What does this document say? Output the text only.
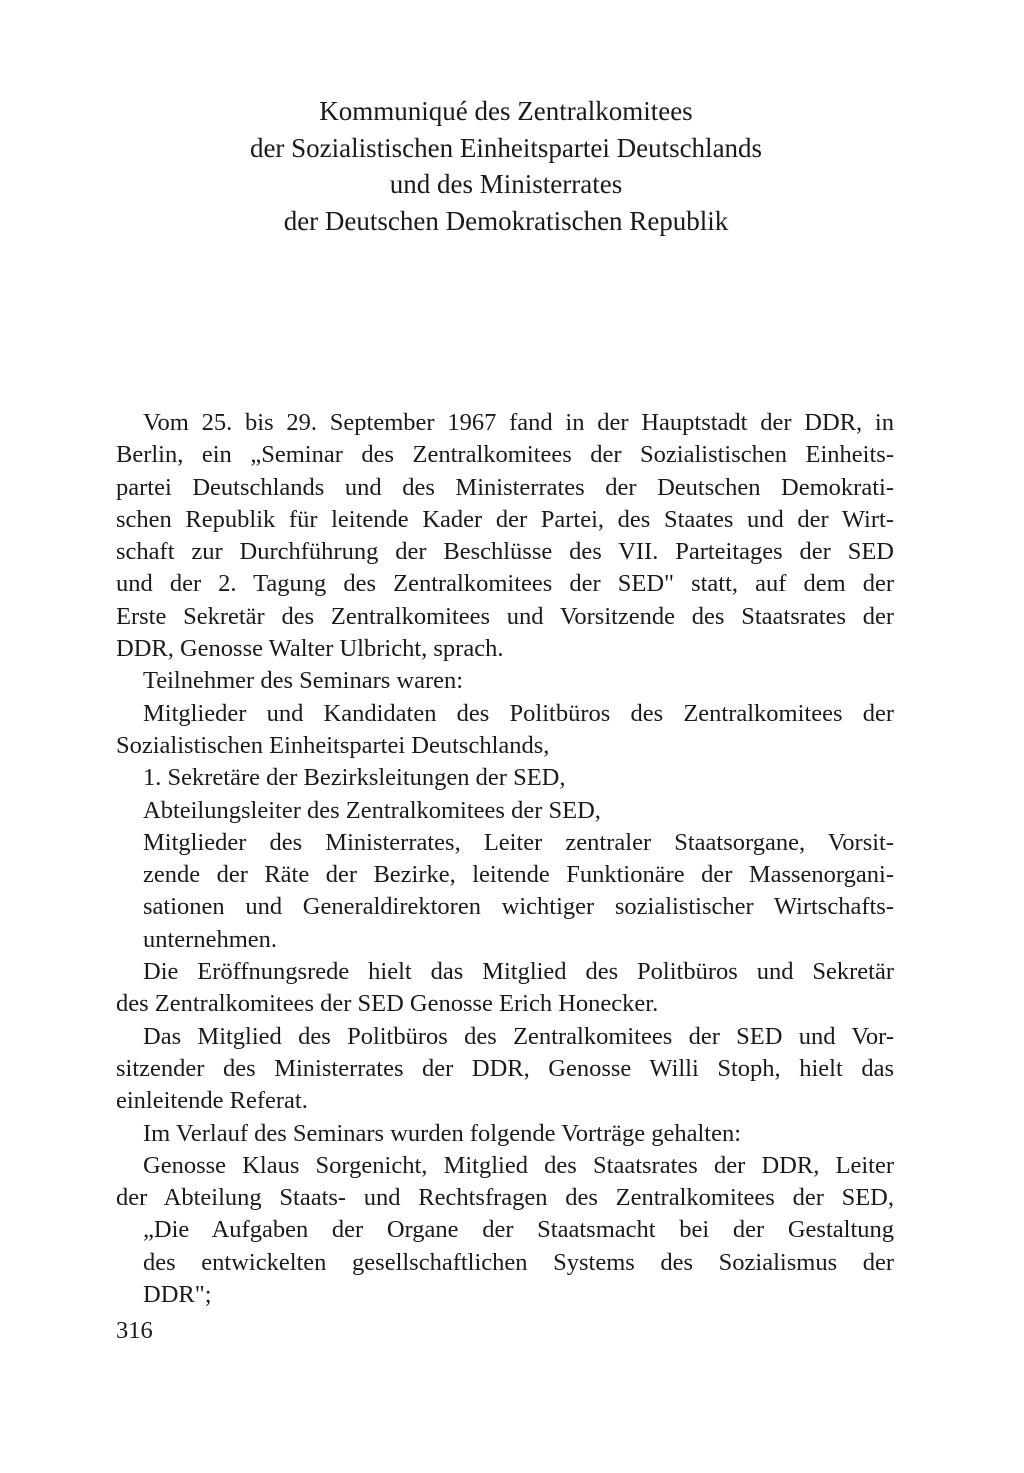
Kommuniqué des Zentralkomitees
der Sozialistischen Einheitspartei Deutschlands
und des Ministerrates
der Deutschen Demokratischen Republik
Vom 25. bis 29. September 1967 fand in der Hauptstadt der DDR, in
Berlin, ein „Seminar des Zentralkomitees der Sozialistischen Einheits-
partei Deutschlands und des Ministerrates der Deutschen Demokrati-
schen Republik für leitende Kader der Partei, des Staates und der Wirt-
schaft zur Durchführung der Beschlüsse des VII. Parteitages der SED
und der 2. Tagung des Zentralkomitees der SED" statt, auf dem der
Erste Sekretär des Zentralkomitees und Vorsitzende des Staatsrates der
DDR, Genosse Walter Ulbricht, sprach.
Teilnehmer des Seminars waren:
Mitglieder und Kandidaten des Politbüros des Zentralkomitees der
Sozialistischen Einheitspartei Deutschlands,
1. Sekretäre der Bezirksleitungen der SED,
Abteilungsleiter des Zentralkomitees der SED,
Mitglieder des Ministerrates, Leiter zentraler Staatsorgane, Vorsit-
zende der Räte der Bezirke, leitende Funktionäre der Massenorgani-
sationen und Generaldirektoren wichtiger sozialistischer Wirtschafts-
unternehmen.
Die Eröffnungsrede hielt das Mitglied des Politbüros und Sekretär
des Zentralkomitees der SED Genosse Erich Honecker.
Das Mitglied des Politbüros des Zentralkomitees der SED und Vor-
sitzender des Ministerrates der DDR, Genosse Willi Stoph, hielt das
einleitende Referat.
Im Verlauf des Seminars wurden folgende Vorträge gehalten:
Genosse Klaus Sorgenicht, Mitglied des Staatsrates der DDR, Leiter
der Abteilung Staats- und Rechtsfragen des Zentralkomitees der SED,
„Die Aufgaben der Organe der Staatsmacht bei der Gestaltung
des entwickelten gesellschaftlichen Systems des Sozialismus der
DDR";
316
